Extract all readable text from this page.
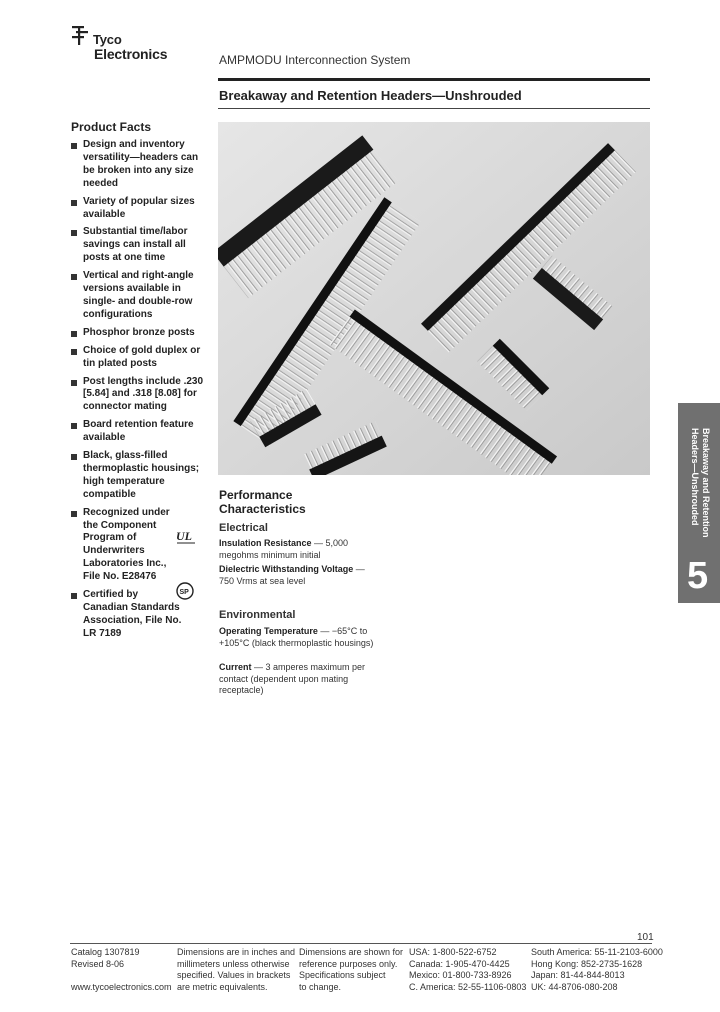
Tyco
Electronics	AMPMODU Interconnection System
Breakaway and Retention Headers—Unshrouded
Product Facts
Design and inventory versatility—headers can be broken into any size needed
Variety of popular sizes available
Substantial time/labor savings can install all posts at one time
Vertical and right-angle versions available in single- and double-row configurations
Phosphor bronze posts
Choice of gold duplex or tin plated posts
Post lengths include .230 [5.84] and .318 [8.08] for connector mating
Board retention feature available
Black, glass-filled thermoplastic housings; high temperature compatible
Recognized under the Component Program of Underwriters Laboratories Inc., File No. E28476
Certified by Canadian Standards Association, File No. LR 7189
UL
SP
Performance
Characteristics
Electrical
Insulation Resistance — 5,000 megohms minimum initial
Dielectric Withstanding Voltage — 750 Vrms at sea level
Environmental
Operating Temperature — −65°C to +105°C (black thermoplastic housings)
Current — 3 amperes maximum per contact (dependent upon mating receptacle)
Breakaway and Retention
Headers—Unshrouded
5
101
Catalog 1307819
Revised 8-06
www.tycoelectronics.com
Dimensions are in inches and
millimeters unless otherwise
specified. Values in brackets
are metric equivalents.
Dimensions are shown for
reference purposes only.
Specifications subject
to change.
USA: 1-800-522-6752
Canada: 1-905-470-4425
Mexico: 01-800-733-8926
C. America: 52-55-1106-0803
South America: 55-11-2103-6000
Hong Kong: 852-2735-1628
Japan: 81-44-844-8013
UK: 44-8706-080-208
